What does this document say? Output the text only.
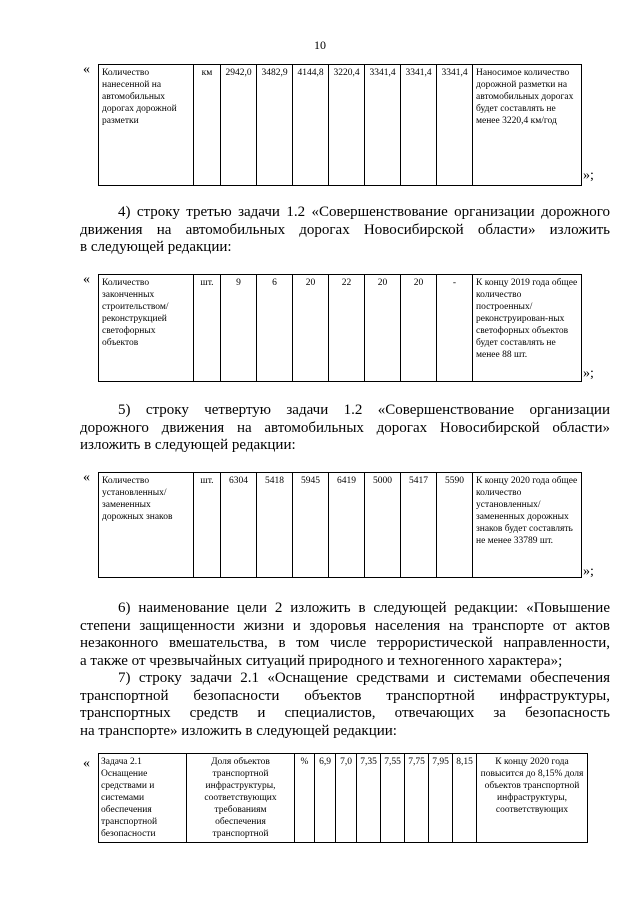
10
« Количество нанесенной на автомобильных дорогах дорожной разметки	км	2942,0	3482,9	4144,8	3220,4	3341,4	3341,4	3341,4	Наносимое количество дорожной разметки на автомобильных дорогах будет составлять не менее 3220,4 км/год
»;
4) строку третью задачи 1.2 «Совершенствование организации дорожного
движения на автомобильных дорогах Новосибирской области» изложить
в следующей редакции:
« Количество законченных строительством/ реконструкцией светофорных объектов	шт.	9	6	20	22	20	20	-	К концу 2019 года общее количество построенных/ реконструирован-ных светофорных объектов будет составлять не менее 88 шт.
»;
5) строку четвертую задачи 1.2 «Совершенствование организации
дорожного движения на автомобильных дорогах Новосибирской области»
изложить в следующей редакции:
« Количество установленных/ замененных дорожных знаков	шт.	6304	5418	5945	6419	5000	5417	5590	К концу 2020 года общее количество установленных/ замененных дорожных знаков будет составлять не менее 33789 шт.
»;
6) наименование цели 2 изложить в следующей редакции: «Повышение
степени защищенности жизни и здоровья населения на транспорте от актов
незаконного вмешательства, в том числе террористической направленности,
а также от чрезвычайных ситуаций природного и техногенного характера»;
7) строку задачи 2.1 «Оснащение средствами и системами обеспечения
транспортной безопасности объектов транспортной инфраструктуры,
транспортных средств и специалистов, отвечающих за безопасность
на транспорте» изложить в следующей редакции:
« Задача 2.1 Оснащение средствами и системами обеспечения транспортной безопасности	Доля объектов транспортной инфраструктуры, соответствующих требованиям обеспечения транспортной	%	6,9	7,0	7,35	7,55	7,75	7,95	8,15	К концу 2020 года повысится до 8,15% доля объектов транспортной инфраструктуры, соответствующих
